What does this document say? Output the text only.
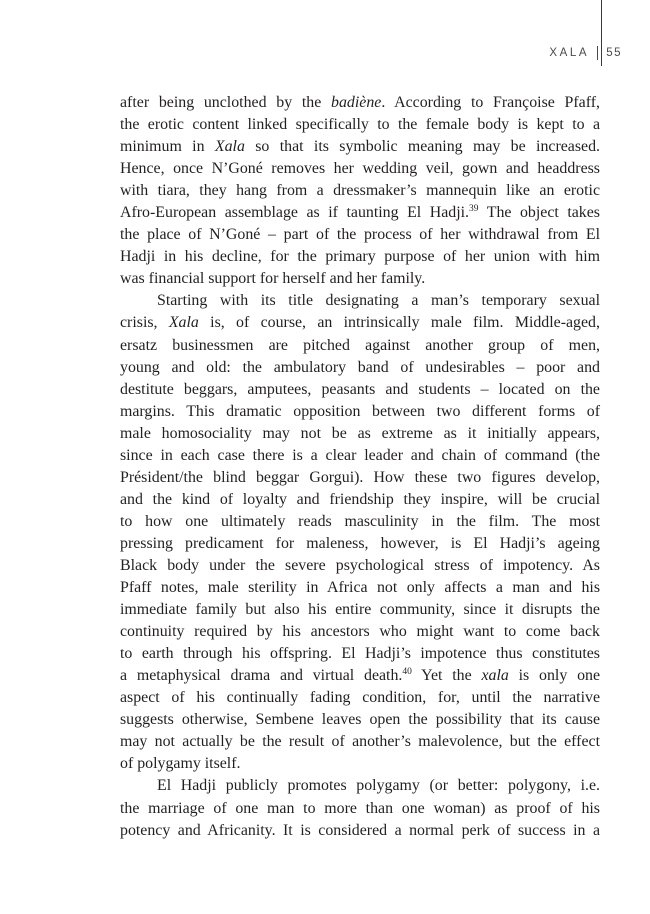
XALA	55

after being unclothed by the badiène. According to Françoise Pfaff,
the erotic content linked specifically to the female body is kept to a
minimum in Xala so that its symbolic meaning may be increased.
Hence, once N’Goné removes her wedding veil, gown and headdress
with tiara, they hang from a dressmaker’s mannequin like an erotic
Afro-European assemblage as if taunting El Hadji.$^{39}$ The object takes
the place of N’Goné – part of the process of her withdrawal from El
Hadji in his decline, for the primary purpose of her union with him
was financial support for herself and her family.

Starting with its title designating a man’s temporary sexual
crisis, Xala is, of course, an intrinsically male film. Middle-aged,
ersatz businessmen are pitched against another group of men,
young and old: the ambulatory band of undesirables – poor and
destitute beggars, amputees, peasants and students – located on the
margins. This dramatic opposition between two different forms of
male homosociality may not be as extreme as it initially appears,
since in each case there is a clear leader and chain of command (the
Président/the blind beggar Gorgui). How these two figures develop,
and the kind of loyalty and friendship they inspire, will be crucial
to how one ultimately reads masculinity in the film. The most
pressing predicament for maleness, however, is El Hadji’s ageing
Black body under the severe psychological stress of impotency. As
Pfaff notes, male sterility in Africa not only affects a man and his
immediate family but also his entire community, since it disrupts the
continuity required by his ancestors who might want to come back
to earth through his offspring. El Hadji’s impotence thus constitutes
a metaphysical drama and virtual death.$^{40}$ Yet the xala is only one
aspect of his continually fading condition, for, until the narrative
suggests otherwise, Sembene leaves open the possibility that its cause
may not actually be the result of another’s malevolence, but the effect
of polygamy itself.

El Hadji publicly promotes polygamy (or better: polygony, i.e.
the marriage of one man to more than one woman) as proof of his
potency and Africanity. It is considered a normal perk of success in a
